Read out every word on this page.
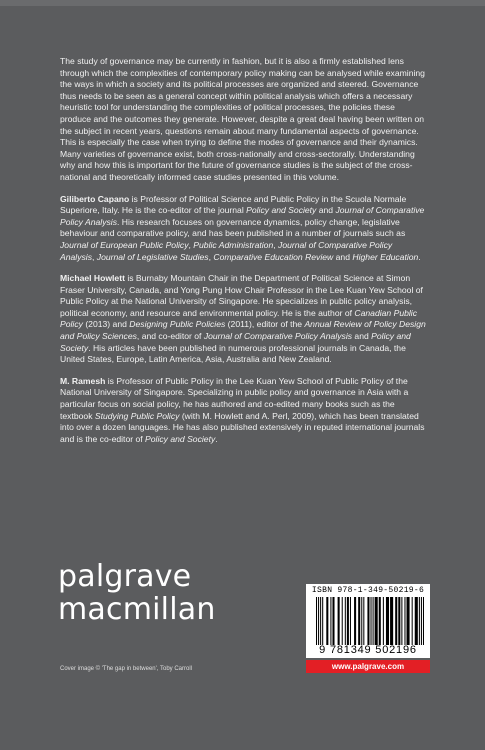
The study of governance may be currently in fashion, but it is also a firmly established lens through which the complexities of contemporary policy making can be analysed while examining the ways in which a society and its political processes are organized and steered. Governance thus needs to be seen as a general concept within political analysis which offers a necessary heuristic tool for understanding the complexities of political processes, the policies these produce and the outcomes they generate. However, despite a great deal having been written on the subject in recent years, questions remain about many fundamental aspects of governance. This is especially the case when trying to define the modes of governance and their dynamics. Many varieties of governance exist, both cross-nationally and cross-sectorally. Understanding why and how this is important for the future of governance studies is the subject of the cross-national and theoretically informed case studies presented in this volume.

Giliberto Capano is Professor of Political Science and Public Policy in the Scuola Normale Superiore, Italy. He is the co-editor of the journal Policy and Society and Journal of Comparative Policy Analysis. His research focuses on governance dynamics, policy change, legislative behaviour and comparative policy, and has been published in a number of journals such as Journal of European Public Policy, Public Administration, Journal of Comparative Policy Analysis, Journal of Legislative Studies, Comparative Education Review and Higher Education.

Michael Howlett is Burnaby Mountain Chair in the Department of Political Science at Simon Fraser University, Canada, and Yong Pung How Chair Professor in the Lee Kuan Yew School of Public Policy at the National University of Singapore. He specializes in public policy analysis, political economy, and resource and environmental policy. He is the author of Canadian Public Policy (2013) and Designing Public Policies (2011), editor of the Annual Review of Policy Design and Policy Sciences, and co-editor of Journal of Comparative Policy Analysis and Policy and Society. His articles have been published in numerous professional journals in Canada, the United States, Europe, Latin America, Asia, Australia and New Zealand.

M. Ramesh is Professor of Public Policy in the Lee Kuan Yew School of Public Policy of the National University of Singapore. Specializing in public policy and governance in Asia with a particular focus on social policy, he has authored and co-edited many books such as the textbook Studying Public Policy (with M. Howlett and A. Perl, 2009), which has been translated into over a dozen languages. He has also published extensively in reputed international journals and is the co-editor of Policy and Society.

palgrave
macmillan
ISBN 978-1-349-50219-6
9 781349 502196
www.palgrave.com
Cover image © 'The gap in between', Toby Carroll
